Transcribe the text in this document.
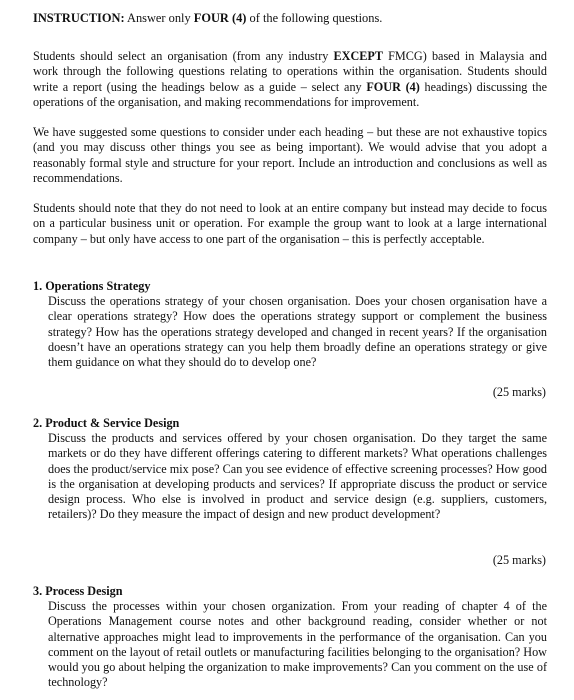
INSTRUCTION: Answer only FOUR (4) of the following questions.
Students should select an organisation (from any industry EXCEPT FMCG) based in Malaysia and work through the following questions relating to operations within the organisation. Students should write a report (using the headings below as a guide – select any FOUR (4) headings) discussing the operations of the organisation, and making recommendations for improvement.
We have suggested some questions to consider under each heading – but these are not exhaustive topics (and you may discuss other things you see as being important). We would advise that you adopt a reasonably formal style and structure for your report. Include an introduction and conclusions as well as recommendations.
Students should note that they do not need to look at an entire company but instead may decide to focus on a particular business unit or operation. For example the group want to look at a large international company – but only have access to one part of the organisation – this is perfectly acceptable.
1. Operations Strategy
Discuss the operations strategy of your chosen organisation. Does your chosen organisation have a clear operations strategy? How does the operations strategy support or complement the business strategy? How has the operations strategy developed and changed in recent years? If the organisation doesn’t have an operations strategy can you help them broadly define an operations strategy or give them guidance on what they should do to develop one?
(25 marks)
2. Product & Service Design
Discuss the products and services offered by your chosen organisation. Do they target the same markets or do they have different offerings catering to different markets? What operations challenges does the product/service mix pose? Can you see evidence of effective screening processes? How good is the organisation at developing products and services? If appropriate discuss the product or service design process. Who else is involved in product and service design (e.g. suppliers, customers, retailers)? Do they measure the impact of design and new product development?
(25 marks)
3. Process Design
Discuss the processes within your chosen organization. From your reading of chapter 4 of the Operations Management course notes and other background reading, consider whether or not alternative approaches might lead to improvements in the performance of the organisation. Can you comment on the layout of retail outlets or manufacturing facilities belonging to the organisation? How would you go about helping the organization to make improvements? Can you comment on the use of technology?
